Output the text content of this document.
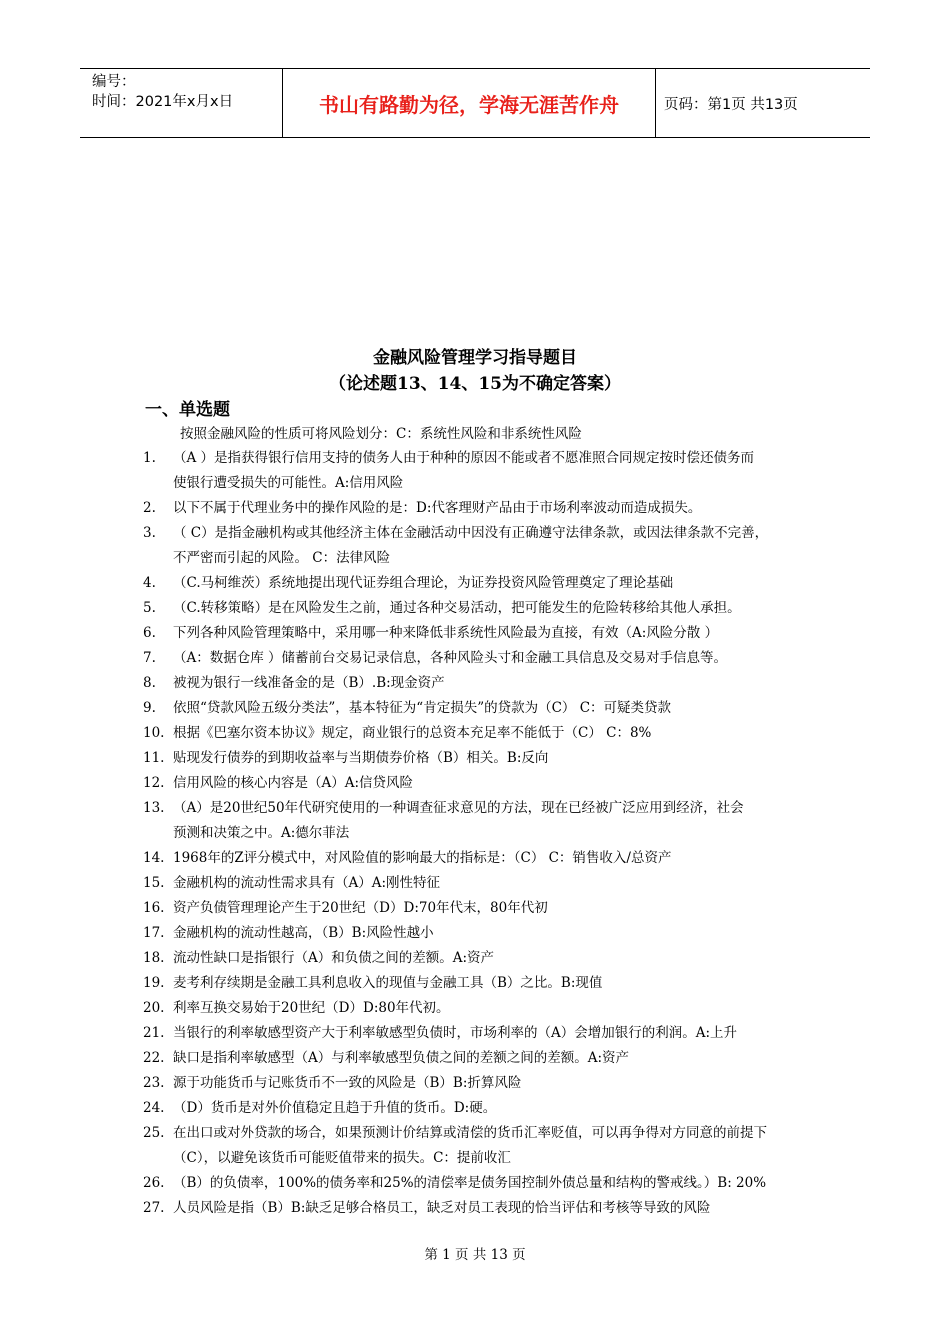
编号：
时间：2021年x月x日	书山有路勤为径，学海无涯苦作舟	页码：第1页 共13页
金融风险管理学习指导题目
（论述题13、14、15为不确定答案）
一、单选题
按照金融风险的性质可将风险划分：C：系统性风险和非系统性风险
1.	（A ）是指获得银行信用支持的债务人由于种种的原因不能或者不愿准照合同规定按时偿还债务而
使银行遭受损失的可能性。A:信用风险
2.	以下不属于代理业务中的操作风险的是：D:代客理财产品由于市场利率波动而造成损失。
3.	（ C）是指金融机构或其他经济主体在金融活动中因没有正确遵守法律条款，或因法律条款不完善，
不严密而引起的风险。 C：法律风险
4.	（C.马柯维茨）系统地提出现代证券组合理论，为证券投资风险管理奠定了理论基础
5.	（C.转移策略）是在风险发生之前，通过各种交易活动，把可能发生的危险转移给其他人承担。
6.	下列各种风险管理策略中，采用哪一种来降低非系统性风险最为直接，有效（A:风险分散 ）
7.	（A：数据仓库 ）储蓄前台交易记录信息，各种风险头寸和金融工具信息及交易对手信息等。
8.	被视为银行一线准备金的是（B）.B:现金资产
9.	依照“贷款风险五级分类法”，基本特征为“肯定损失”的贷款为（C） C：可疑类贷款
10. 根据《巴塞尔资本协议》规定，商业银行的总资本充足率不能低于（C） C：8%
11. 贴现发行债券的到期收益率与当期债券价格（B）相关。B:反向
12. 信用风险的核心内容是（A）A:信贷风险
13. （A）是20世纪50年代研究使用的一种调查征求意见的方法，现在已经被广泛应用到经济，社会
预测和决策之中。A:德尔菲法
14. 1968年的Z评分模式中，对风险值的影响最大的指标是：（C） C：销售收入/总资产
15. 金融机构的流动性需求具有（A）A:刚性特征
16. 资产负债管理理论产生于20世纪（D）D:70年代末，80年代初
17. 金融机构的流动性越高，（B）B:风险性越小
18. 流动性缺口是指银行（A）和负债之间的差额。A:资产
19. 麦考利存续期是金融工具利息收入的现值与金融工具（B）之比。B:现值
20. 利率互换交易始于20世纪（D）D:80年代初。
21. 当银行的利率敏感型资产大于利率敏感型负债时，市场利率的（A）会增加银行的利润。A:上升
22. 缺口是指利率敏感型（A）与利率敏感型负债之间的差额之间的差额。A:资产
23. 源于功能货币与记账货币不一致的风险是（B）B:折算风险
24. （D）货币是对外价值稳定且趋于升值的货币。D:硬。
25. 在出口或对外贷款的场合，如果预测计价结算或清偿的货币汇率贬值，可以再争得对方同意的前提下
（C），以避免该货币可能贬值带来的损失。C：提前收汇
26. （B）的负债率，100%的债务率和25%的清偿率是债务国控制外债总量和结构的警戒线。）B: 20%
27. 人员风险是指（B）B:缺乏足够合格员工，缺乏对员工表现的恰当评估和考核等导致的风险
第 1 页 共 13 页
